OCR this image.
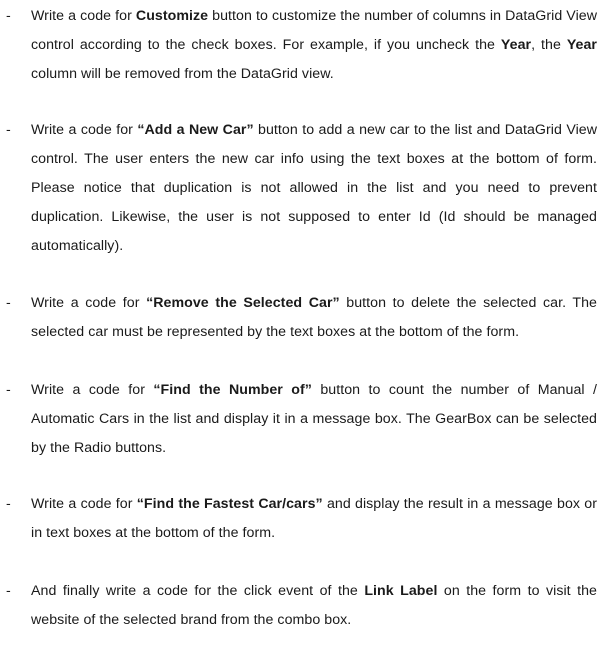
-	Write a code for Customize button to customize the number of columns in DataGrid View control according to the check boxes. For example, if you uncheck the Year, the Year column will be removed from the DataGrid view.
-	Write a code for “Add a New Car” button to add a new car to the list and DataGrid View control. The user enters the new car info using the text boxes at the bottom of form. Please notice that duplication is not allowed in the list and you need to prevent duplication. Likewise, the user is not supposed to enter Id (Id should be managed automatically).
-	Write a code for “Remove the Selected Car” button to delete the selected car. The selected car must be represented by the text boxes at the bottom of the form.
-	Write a code for “Find the Number of” button to count the number of Manual / Automatic Cars in the list and display it in a message box. The GearBox can be selected by the Radio buttons.
-	Write a code for “Find the Fastest Car/cars” and display the result in a message box or in text boxes at the bottom of the form.
-	And finally write a code for the click event of the Link Label on the form to visit the website of the selected brand from the combo box.
